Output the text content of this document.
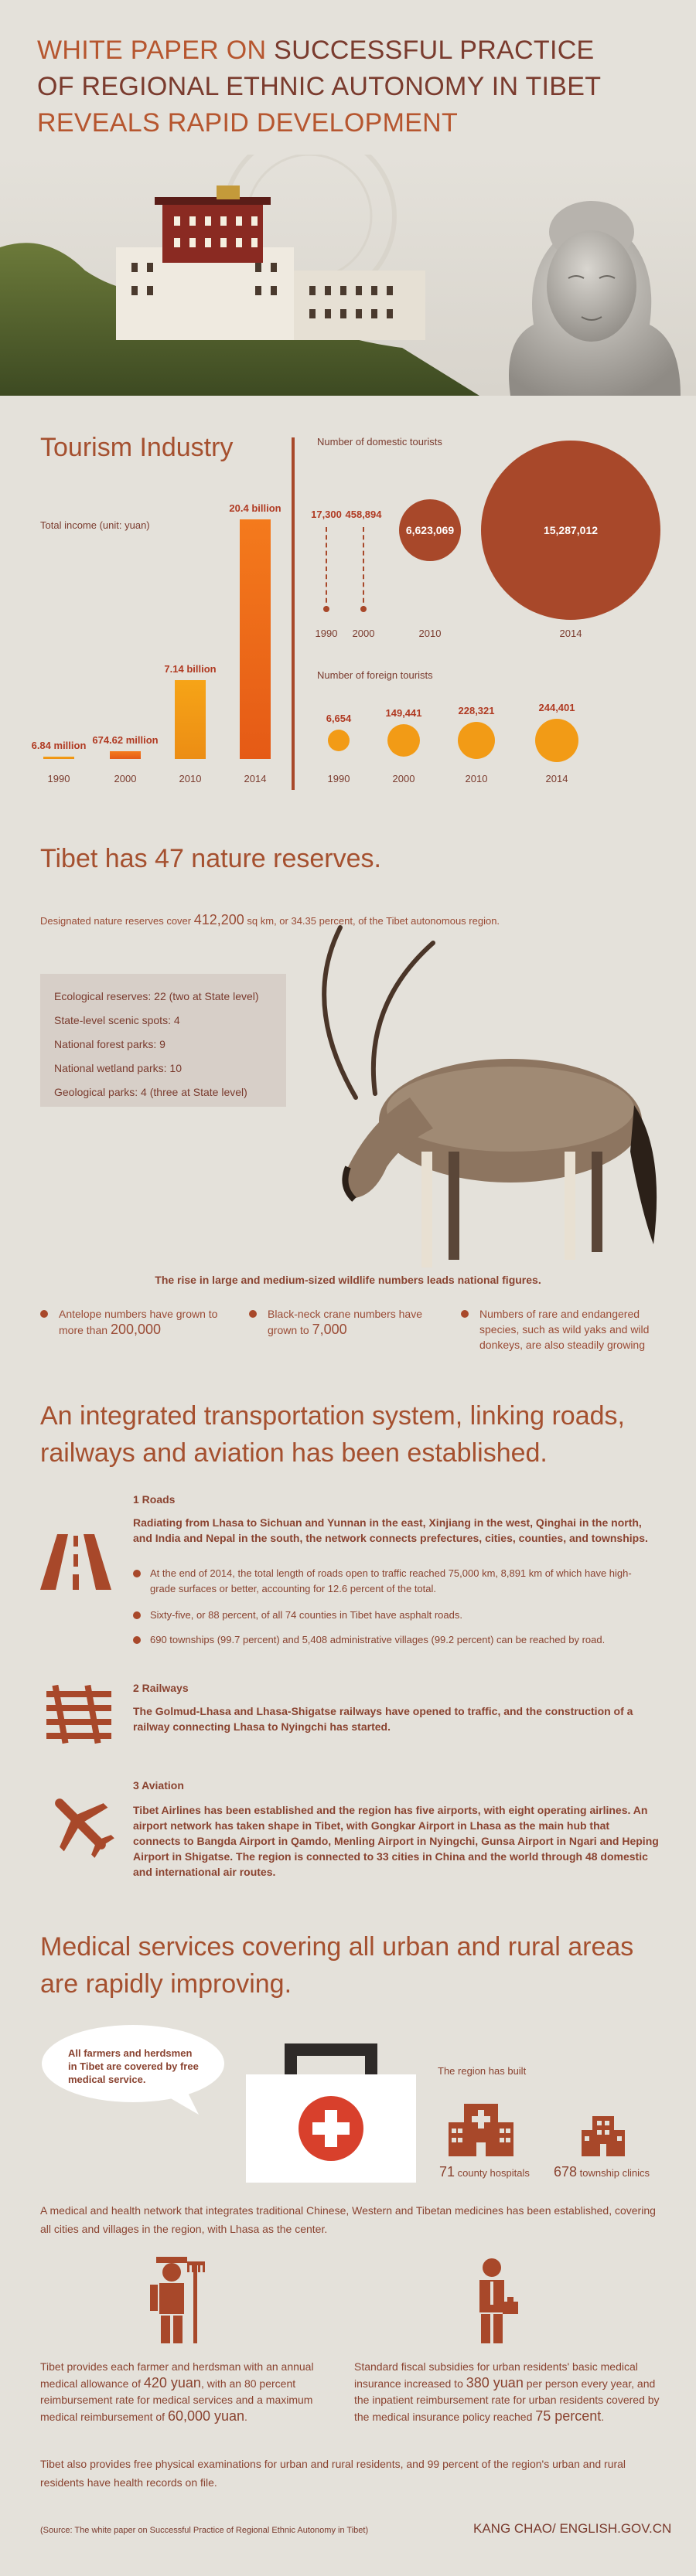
WHITE PAPER ON SUCCESSFUL PRACTICE
OF REGIONAL ETHNIC AUTONOMY IN TIBET
REVEALS RAPID DEVELOPMENT
Tourism Industry
Total income (unit: yuan)
6.84 million
1990
674.62 million
2000
7.14 billion
2010
20.4 billion
2014
Number of domestic tourists
17,300
1990
458,894
2000
6,623,069
2010
15,287,012
2014
Number of foreign tourists
6,654
1990
149,441
2000
228,321
2010
244,401
2014
Tibet has 47 nature reserves.
Designated nature reserves cover 412,200 sq km, or 34.35 percent, of the Tibet autonomous region.
Ecological reserves: 22 (two at State level)
State-level scenic spots: 4
National forest parks: 9
National wetland parks: 10
Geological parks: 4 (three at State level)
The rise in large and medium-sized wildlife numbers leads national figures.
Antelope numbers have grown to more than 200,000
Black-neck crane numbers have grown to 7,000
Numbers of rare and endangered species, such as wild yaks and wild donkeys, are also steadily growing
An integrated transportation system, linking roads,
railways and aviation has been established.
1 Roads
Radiating from Lhasa to Sichuan and Yunnan in the east, Xinjiang in the west, Qinghai in the north, and India and Nepal in the south, the network connects prefectures, cities, counties, and townships.
At the end of 2014, the total length of roads open to traffic reached 75,000 km, 8,891 km of which have high-grade surfaces or better, accounting for 12.6 percent of the total.
Sixty-five, or 88 percent, of all 74 counties in Tibet have asphalt roads.
690 townships (99.7 percent) and 5,408 administrative villages (99.2 percent) can be reached by road.
2 Railways
The Golmud-Lhasa and Lhasa-Shigatse railways have opened to traffic, and the construction of a railway connecting Lhasa to Nyingchi has started.
3 Aviation
Tibet Airlines has been established and the region has five airports, with eight operating airlines. An airport network has taken shape in Tibet, with Gongkar Airport in Lhasa as the main hub that connects to Bangda Airport in Qamdo, Menling Airport in Nyingchi, Gunsa Airport in Ngari and Heping Airport in Shigatse. The region is connected to 33 cities in China and the world through 48 domestic and international air routes.
Medical services covering all urban and rural areas
are rapidly improving.
All farmers and herdsmen in Tibet are covered by free medical service.
The region has built
71 county hospitals 678 township clinics
A medical and health network that integrates traditional Chinese, Western and Tibetan medicines has been established, covering all cities and villages in the region, with Lhasa as the center.
Tibet provides each farmer and herdsman with an annual medical allowance of 420 yuan, with an 80 percent reimbursement rate for medical services and a maximum medical reimbursement of 60,000 yuan.
Standard fiscal subsidies for urban residents' basic medical insurance increased to 380 yuan per person every year, and the inpatient reimbursement rate for urban residents covered by the medical insurance policy reached 75 percent.
Tibet also provides free physical examinations for urban and rural residents, and 99 percent of the region's urban and rural residents have health records on file.
(Source: The white paper on Successful Practice of Regional Ethnic Autonomy in Tibet)	KANG CHAO/ ENGLISH.GOV.CN
